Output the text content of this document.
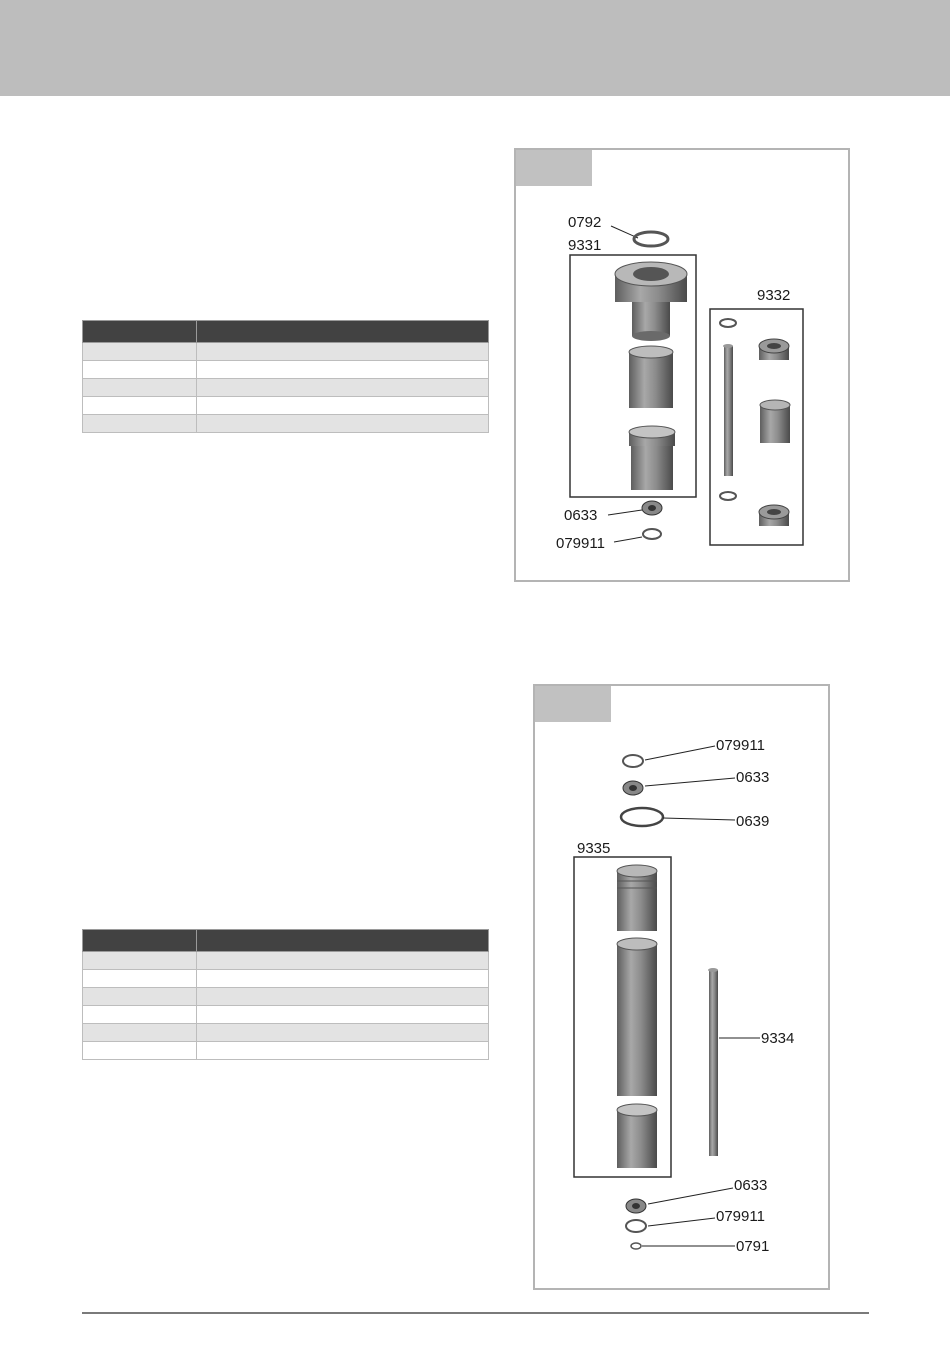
0792
9331
9332
0633
079911
079911
0633
0639
9335
9334
0633
079911
0791
